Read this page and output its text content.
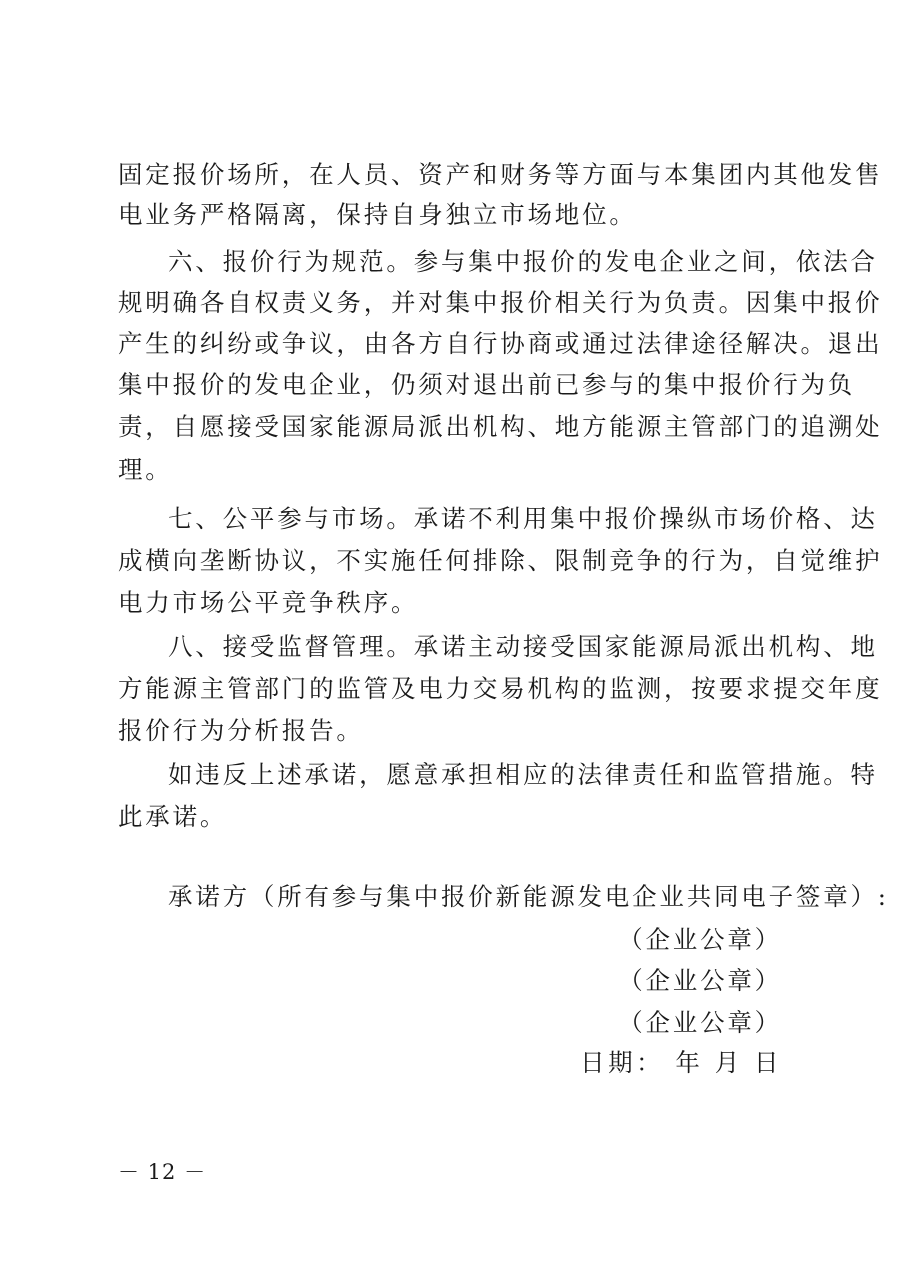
固定报价场所，在人员、资产和财务等方面与本集团内其他发售
电业务严格隔离，保持自身独立市场地位。
六、报价行为规范。参与集中报价的发电企业之间，依法合
规明确各自权责义务，并对集中报价相关行为负责。因集中报价
产生的纠纷或争议，由各方自行协商或通过法律途径解决。退出
集中报价的发电企业，仍须对退出前已参与的集中报价行为负
责，自愿接受国家能源局派出机构、地方能源主管部门的追溯处
理。
七、公平参与市场。承诺不利用集中报价操纵市场价格、达
成横向垄断协议，不实施任何排除、限制竞争的行为，自觉维护
电力市场公平竞争秩序。
八、接受监督管理。承诺主动接受国家能源局派出机构、地
方能源主管部门的监管及电力交易机构的监测，按要求提交年度
报价行为分析报告。
如违反上述承诺，愿意承担相应的法律责任和监管措施。特
此承诺。
承诺方（所有参与集中报价新能源发电企业共同电子签章）:
（企业公章）
（企业公章）
（企业公章）
日期： 年 月 日
－ 12 －
